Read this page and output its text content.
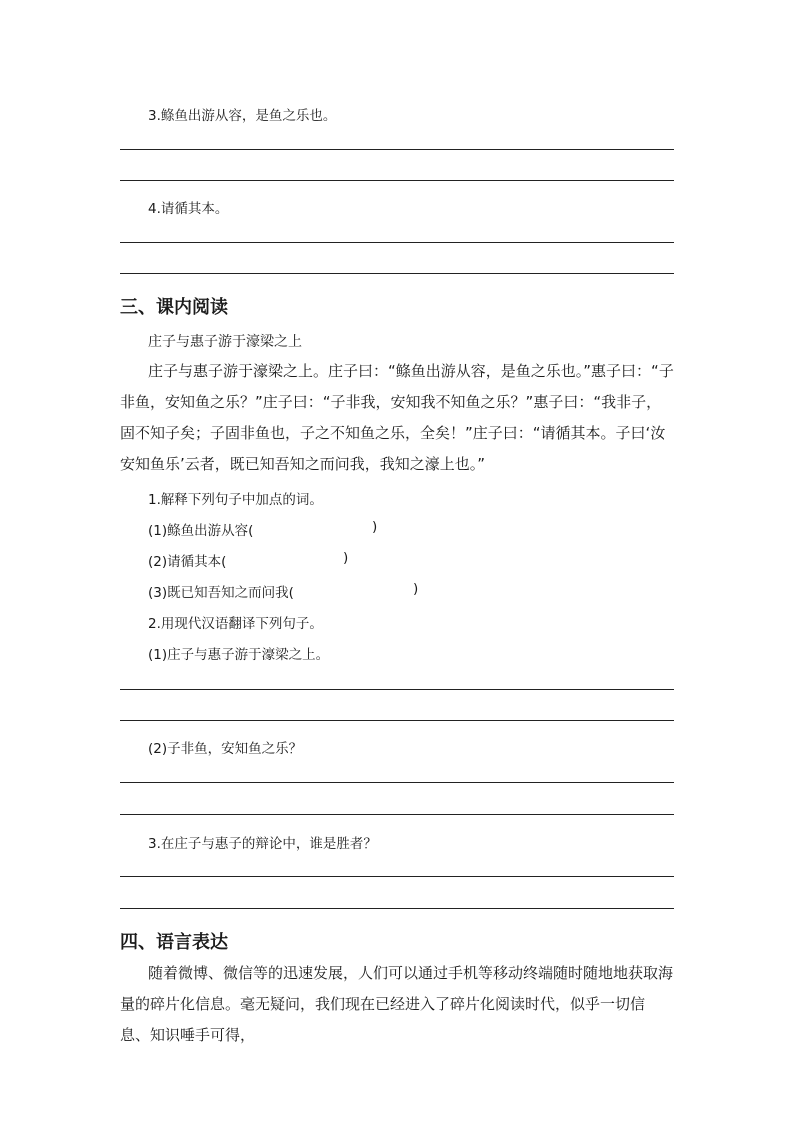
3.鲦鱼出游从容，是鱼之乐也。
4.请循其本。
三、课内阅读
庄子与惠子游于濠梁之上
庄子与惠子游于濠梁之上。庄子曰：“鲦鱼出游从容，是鱼之乐也。”惠子曰：“子非鱼，安知鱼之乐？”庄子曰：“子非我，安知我不知鱼之乐？”惠子曰：“我非子，固不知子矣；子固非鱼也，子之不知鱼之乐，全矣！”庄子曰：“请循其本。子曰‘汝安知鱼乐’云者，既已知吾知之而问我，我知之濠上也。”
1.解释下列句子中加点的词。
(1)鲦鱼出游从容(	)
(2)请循其本(	)
(3)既已知吾知之而问我(	)
2.用现代汉语翻译下列句子。
(1)庄子与惠子游于濠梁之上。
(2)子非鱼，安知鱼之乐？
3.在庄子与惠子的辩论中，谁是胜者？
四、语言表达
随着微博、微信等的迅速发展，人们可以通过手机等移动终端随时随地地获取海量的碎片化信息。毫无疑问，我们现在已经进入了碎片化阅读时代，似乎一切信息、知识唾手可得，
